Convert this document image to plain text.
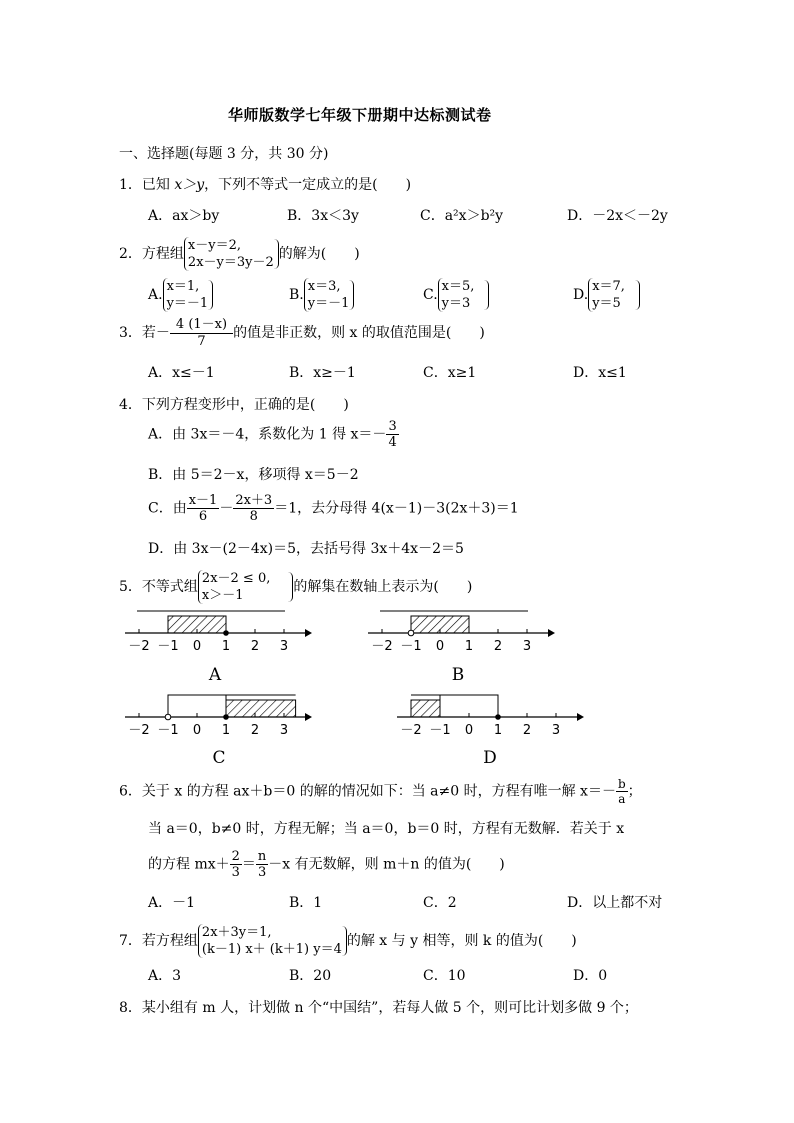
华师版数学七年级下册期中达标测试卷
一、选择题(每题 3 分，共 30 分)
1．已知 x＞y，下列不等式一定成立的是(　　)
A．ax＞by	B．3x＜3y	C．a²x＞b²y	D．－2x＜－2y
2．方程组
x－y＝2,
2x－y＝3y－2
的解为(　　)
A.
x＝1,
y＝－1
B.
x＝3,
y＝－1
C.
x＝5,
y＝3
D.
x＝7,
y＝5
3．若－ $\frac{4 (1-x)}{7}$ 的值是非正数，则 x 的取值范围是(　　)
A．x≤－1	B．x≥－1	C．x≥1	D．x≤1
4．下列方程变形中，正确的是(　　)
A．由 3x＝－4，系数化为 1 得 $x=- \frac{3}{4}$
B．由 5＝2－x，移项得 x＝5－2
C．由 $\frac{x-1}{6} - \frac{2x+3}{8} =1$，去分母得 4(x－1)－3(2x＋3)＝1
D．由 3x－(2－4x)＝5，去括号得 3x＋4x－2＝5
5．不等式组
2x－2 ≤ 0,
x＞－1
的解集在数轴上表示为(　　)
－2 －1 0 1 2 3
A
－2 －1 0 1 2 3
B
－2 －1 0 1 2 3
C
－2 －1 0 1 2 3
D
6．关于 x 的方程 ax＋b＝0 的解的情况如下：当 a≠0 时，方程有唯一解 $x=- \frac{b}{a}$ ；
当 a＝0，b≠0 时，方程无解；当 a＝0，b＝0 时，方程有无数解．若关于 x
的方程 $mx+ \frac{2}{3} = \frac{n}{3} -x$ 有无数解，则 m＋n 的值为(　　)
A．－1	B．1	C．2	D．以上都不对
7．若方程组
2x＋3y＝1,
(k－1) x＋ (k＋1) y＝4
的解 x 与 y 相等，则 k 的值为(　　)
A．3	B．20	C．10	D．0
8．某小组有 m 人，计划做 n 个“中国结”，若每人做 5 个，则可比计划多做 9 个；
